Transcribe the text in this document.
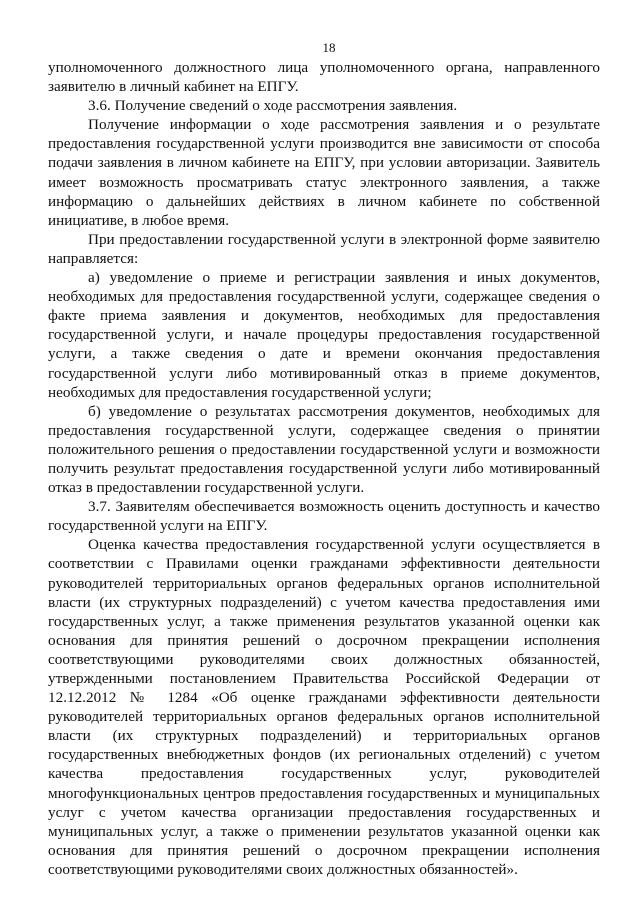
18

уполномоченного должностного лица уполномоченного органа, направленного заявителю в личный кабинет на ЕПГУ.

3.6. Получение сведений о ходе рассмотрения заявления.

Получение информации о ходе рассмотрения заявления и о результате предоставления государственной услуги производится вне зависимости от способа подачи заявления в личном кабинете на ЕПГУ, при условии авторизации. Заявитель имеет возможность просматривать статус электронного заявления, а также информацию о дальнейших действиях в личном кабинете по собственной инициативе, в любое время.

При предоставлении государственной услуги в электронной форме заявителю направляется:

а) уведомление о приеме и регистрации заявления и иных документов, необходимых для предоставления государственной услуги, содержащее сведения о факте приема заявления и документов, необходимых для предоставления государственной услуги, и начале процедуры предоставления государственной услуги, а также сведения о дате и времени окончания предоставления государственной услуги либо мотивированный отказ в приеме документов, необходимых для предоставления государственной услуги;

б) уведомление о результатах рассмотрения документов, необходимых для предоставления государственной услуги, содержащее сведения о принятии положительного решения о предоставлении государственной услуги и возможности получить результат предоставления государственной услуги либо мотивированный отказ в предоставлении государственной услуги.

3.7. Заявителям обеспечивается возможность оценить доступность и качество государственной услуги на ЕПГУ.

Оценка качества предоставления государственной услуги осуществляется в соответствии с Правилами оценки гражданами эффективности деятельности руководителей территориальных органов федеральных органов исполнительной власти (их структурных подразделений) с учетом качества предоставления ими государственных услуг, а также применения результатов указанной оценки как основания для принятия решений о досрочном прекращении исполнения соответствующими руководителями своих должностных обязанностей, утвержденными постановлением Правительства Российской Федерации от 12.12.2012 № 1284 «Об оценке гражданами эффективности деятельности руководителей территориальных органов федеральных органов исполнительной власти (их структурных подразделений) и территориальных органов государственных внебюджетных фондов (их региональных отделений) с учетом качества предоставления государственных услуг, руководителей многофункциональных центров предоставления государственных и муниципальных услуг с учетом качества организации предоставления государственных и муниципальных услуг, а также о применении результатов указанной оценки как основания для принятия решений о досрочном прекращении исполнения соответствующими руководителями своих должностных обязанностей».
